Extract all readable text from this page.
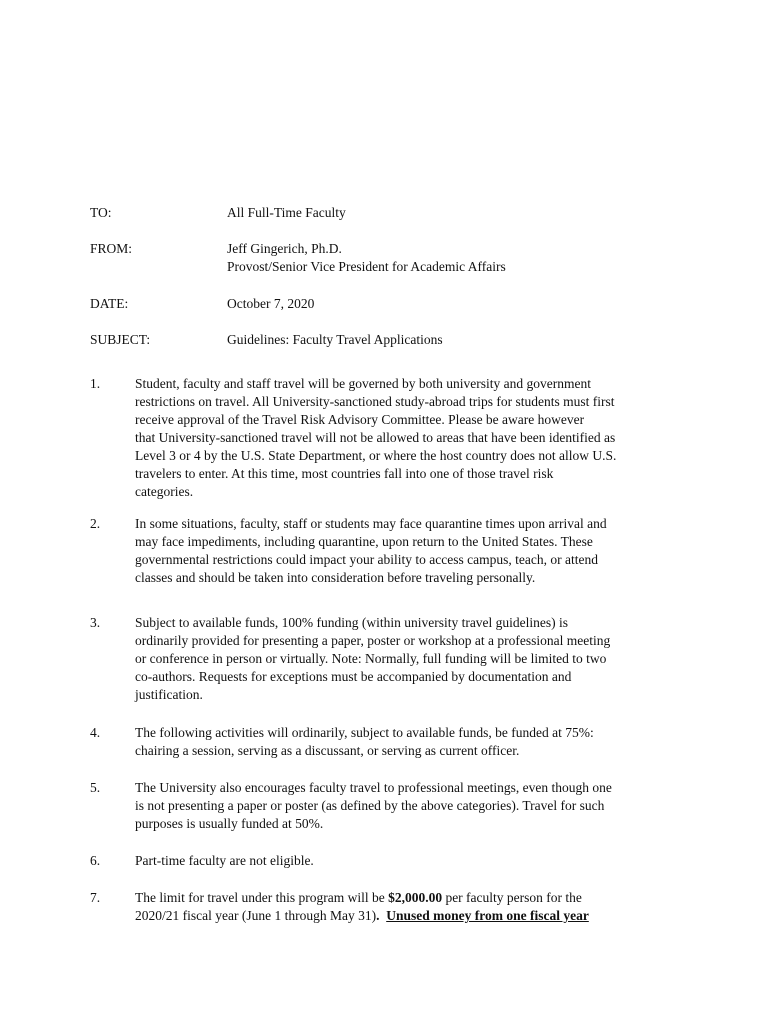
TO:	All Full-Time Faculty
FROM:	Jeff Gingerich, Ph.D.
Provost/Senior Vice President for Academic Affairs
DATE:	October 7, 2020
SUBJECT:	Guidelines: Faculty Travel Applications
1.	Student, faculty and staff travel will be governed by both university and government
restrictions on travel. All University-sanctioned study-abroad trips for students must first
receive approval of the Travel Risk Advisory Committee. Please be aware however
that University-sanctioned travel will not be allowed to areas that have been identified as
Level 3 or 4 by the U.S. State Department, or where the host country does not allow U.S.
travelers to enter. At this time, most countries fall into one of those travel risk
categories.
2.	In some situations, faculty, staff or students may face quarantine times upon arrival and
may face impediments, including quarantine, upon return to the United States. These
governmental restrictions could impact your ability to access campus, teach, or attend
classes and should be taken into consideration before traveling personally.
3.	Subject to available funds, 100% funding (within university travel guidelines) is
ordinarily provided for presenting a paper, poster or workshop at a professional meeting
or conference in person or virtually. Note: Normally, full funding will be limited to two
co-authors. Requests for exceptions must be accompanied by documentation and
justification.
4.	The following activities will ordinarily, subject to available funds, be funded at 75%:
chairing a session, serving as a discussant, or serving as current officer.
5.	The University also encourages faculty travel to professional meetings, even though one
is not presenting a paper or poster (as defined by the above categories). Travel for such
purposes is usually funded at 50%.
6.	Part-time faculty are not eligible.
7.	The limit for travel under this program will be $2,000.00 per faculty person for the
2020/21 fiscal year (June 1 through May 31). Unused money from one fiscal year
